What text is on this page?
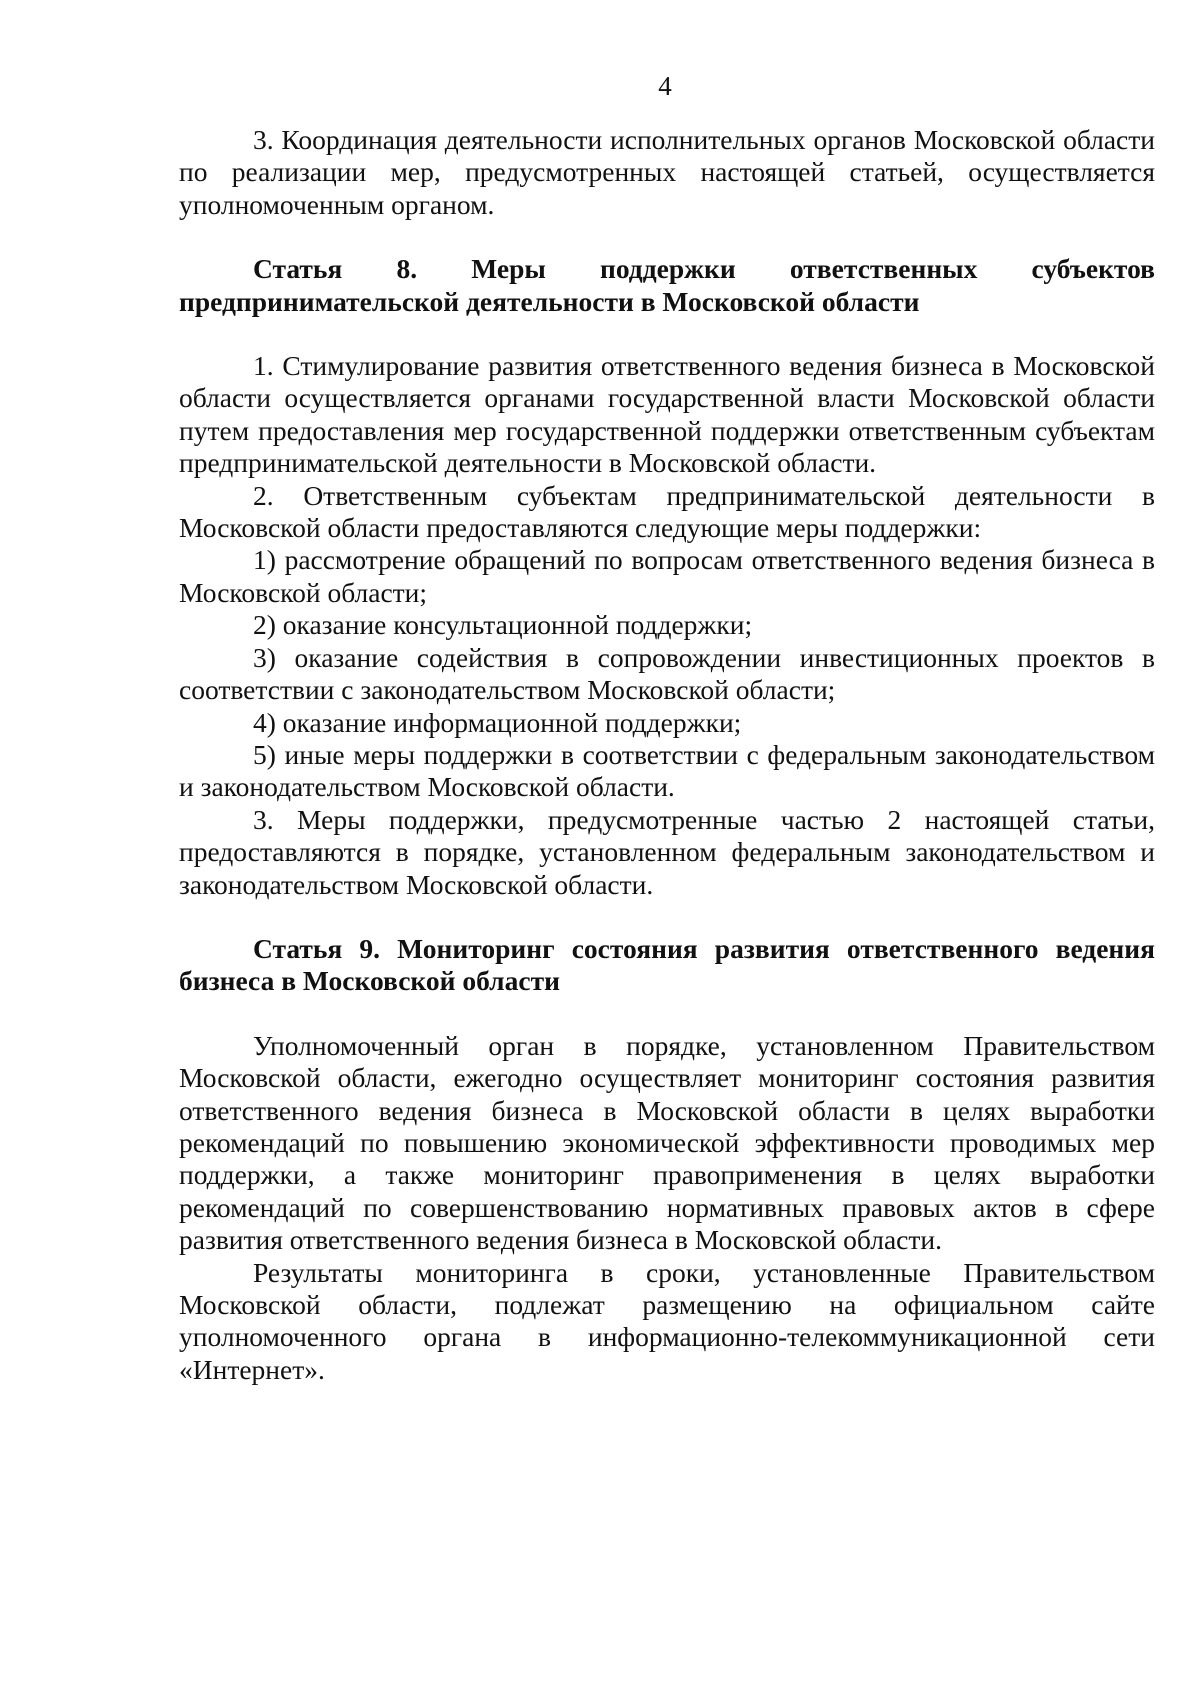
4

3. Координация деятельности исполнительных органов Московской области по реализации мер, предусмотренных настоящей статьей, осуществляется уполномоченным органом.

Статья 8. Меры поддержки ответственных субъектов предпринимательской деятельности в Московской области

1. Стимулирование развития ответственного ведения бизнеса в Московской области осуществляется органами государственной власти Московской области путем предоставления мер государственной поддержки ответственным субъектам предпринимательской деятельности в Московской области.

2. Ответственным субъектам предпринимательской деятельности в Московской области предоставляются следующие меры поддержки:

1) рассмотрение обращений по вопросам ответственного ведения бизнеса в Московской области;

2) оказание консультационной поддержки;

3) оказание содействия в сопровождении инвестиционных проектов в соответствии с законодательством Московской области;

4) оказание информационной поддержки;

5) иные меры поддержки в соответствии с федеральным законодательством и законодательством Московской области.

3. Меры поддержки, предусмотренные частью 2 настоящей статьи, предоставляются в порядке, установленном федеральным законодательством и законодательством Московской области.

Статья 9. Мониторинг состояния развития ответственного ведения бизнеса в Московской области

Уполномоченный орган в порядке, установленном Правительством Московской области, ежегодно осуществляет мониторинг состояния развития ответственного ведения бизнеса в Московской области в целях выработки рекомендаций по повышению экономической эффективности проводимых мер поддержки, а также мониторинг правоприменения в целях выработки рекомендаций по совершенствованию нормативных правовых актов в сфере развития ответственного ведения бизнеса в Московской области.

Результаты мониторинга в сроки, установленные Правительством Московской области, подлежат размещению на официальном сайте уполномоченного органа в информационно-телекоммуникационной сети «Интернет».
